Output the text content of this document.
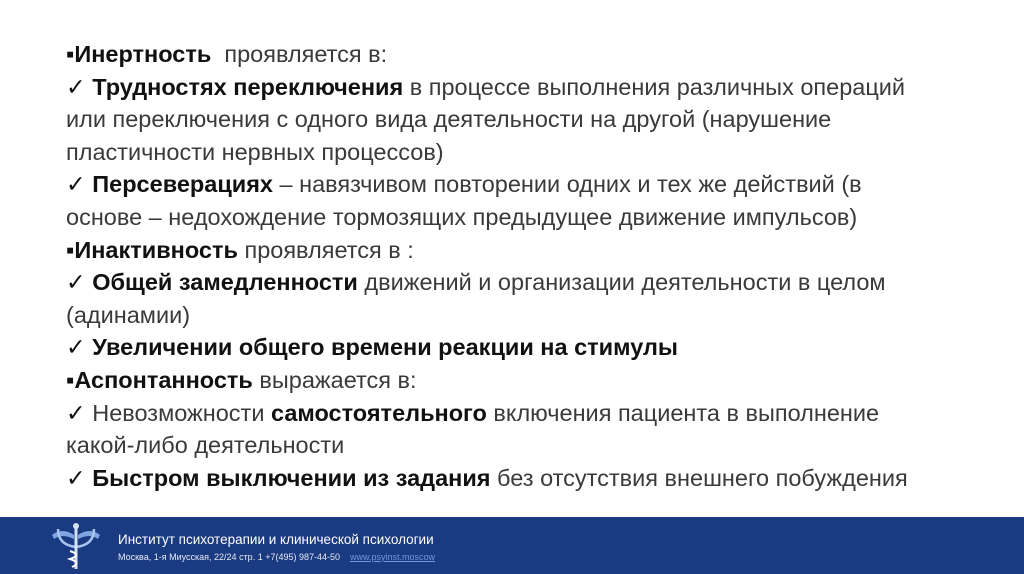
▪Инертность  проявляется в:
✓ Трудностях переключения в процессе выполнения различных операций
или переключения с одного вида деятельности на другой (нарушение
пластичности нервных процессов)
✓ Персеверациях – навязчивом повторении одних и тех же действий (в
основе – недохождение тормозящих предыдущее движение импульсов)
▪Инактивность проявляется в :
✓ Общей замедленности движений и организации деятельности в целом
(адинамии)
✓ Увеличении общего времени реакции на стимулы
▪Аспонтанность выражается в:
✓ Невозможности самостоятельного включения пациента в выполнение
какой-либо деятельности
✓ Быстром выключении из задания без отсутствия внешнего побуждения
Институт психотерапии и клинической психологии
Москва, 1-я Миусская, 22/24 стр. 1 +7(495) 987-44-50 www.psyinst.moscow
